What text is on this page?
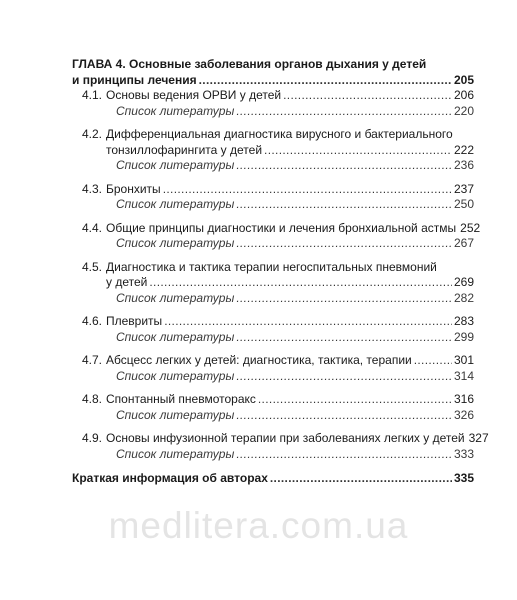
ГЛАВА 4. Основные заболевания органов дыхания у детей
и принципы лечения . . .	205
4.1. Основы ведения ОРВИ у детей . . .	206
Список литературы . . .	220
4.2. Дифференциальная диагностика вирусного и бактериального
тонзиллофарингита у детей . . .	222
Список литературы . . .	236
4.3. Бронхиты . . .	237
Список литературы . . .	250
4.4. Общие принципы диагностики и лечения бронхиальной астмы 252
Список литературы . . .	267
4.5. Диагностика и тактика терапии негоспитальных пневмоний
у детей . . .	269
Список литературы . . .	282
4.6. Плевриты . . .	283
Список литературы . . .	299
4.7. Абсцесс легких у детей: диагностика, тактика, терапии . . .	301
Список литературы . . .	314
4.8. Спонтанный пневмоторакс . . .	316
Список литературы . . .	326
4.9. Основы инфузионной терапии при заболеваниях легких у детей 327
Список литературы . . .	333
Краткая информация об авторах . . .	335
medlitera.com.ua
